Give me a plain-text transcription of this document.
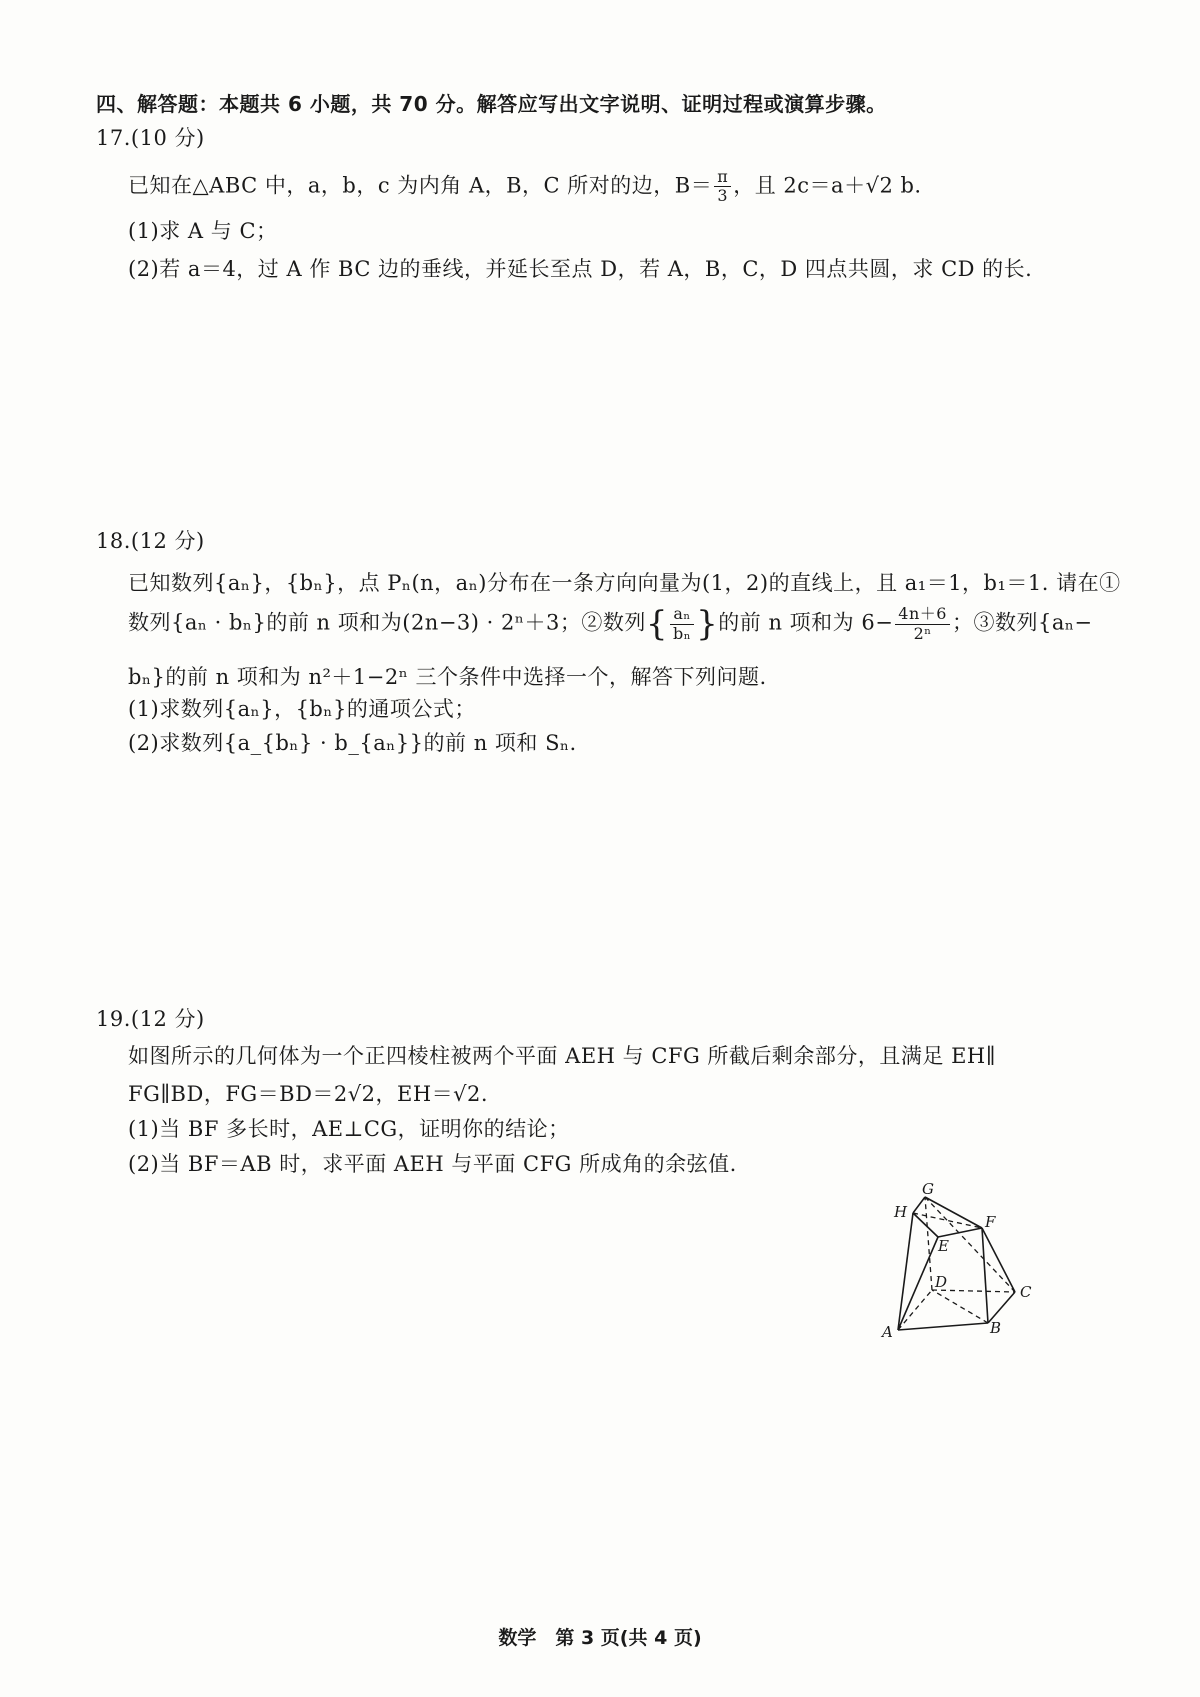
四、解答题：本题共 6 小题，共 70 分。解答应写出文字说明、证明过程或演算步骤。
17.(10 分)
已知在△ABC 中，a，b，c 为内角 A，B，C 所对的边，$B= \frac{\pi}{3}$ ，且 2c＝a＋√2 b.
(1)求 A 与 C；
(2)若 a＝4，过 A 作 BC 边的垂线，并延长至点 D，若 A，B，C，D 四点共圆，求 CD 的长.
18.(12 分)
已知数列{aₙ}，{bₙ}，点 Pₙ(n，aₙ)分布在一条方向向量为(1，2)的直线上，且 a₁＝1，b₁＝1. 请在①
数列{aₙ · bₙ}的前 n 项和为(2n−3) · 2ⁿ＋3；②数列{ $\frac{\text{aₙ}}{\text{bₙ}}$ }的前 n 项和为 $6- \frac{4n+6}{\text{2ⁿ}}$ ；③数列{aₙ−
bₙ}的前 n 项和为 n²＋1−2ⁿ 三个条件中选择一个，解答下列问题.
(1)求数列{aₙ}，{bₙ}的通项公式；
(2)求数列{a_{bₙ} · b_{aₙ}}的前 n 项和 Sₙ.
19.(12 分)
如图所示的几何体为一个正四棱柱被两个平面 AEH 与 CFG 所截后剩余部分，且满足 EH∥
FG∥BD，FG＝BD＝2√2，EH＝√2.
(1)当 BF 多长时，AE⊥CG，证明你的结论；
(2)当 BF＝AB 时，求平面 AEH 与平面 CFG 所成角的余弦值.
G
H
F
E
D
C
A	B
数学　第 3 页(共 4 页)
